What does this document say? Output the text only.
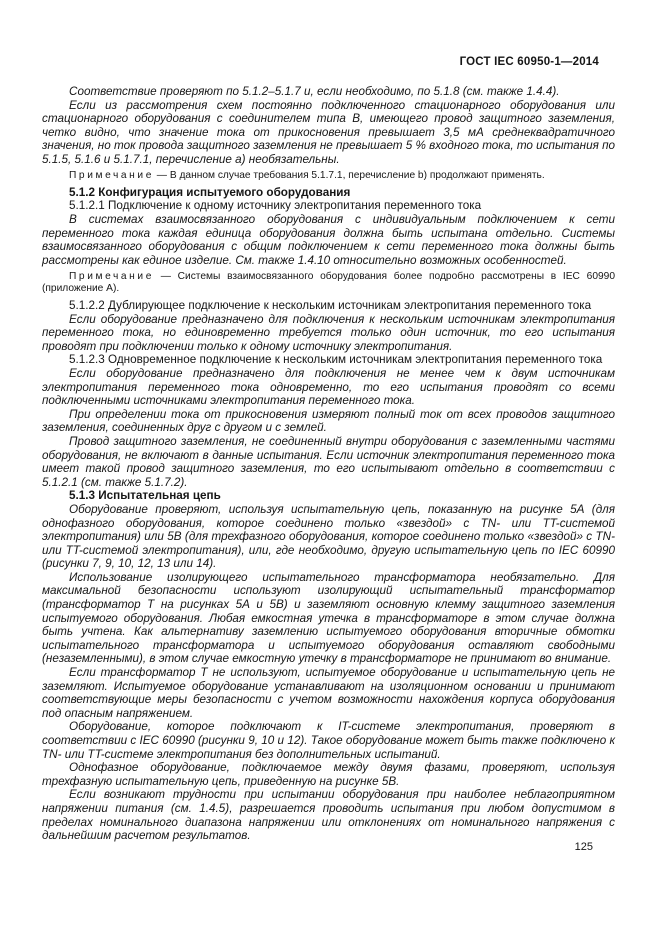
ГОСТ IEC 60950-1—2014

Соответствие проверяют по 5.1.2–5.1.7 и, если необходимо, по 5.1.8 (см. также 1.4.4).

Если из рассмотрения схем постоянно подключенного стационарного оборудования или стационарного оборудования с соединителем типа В, имеющего провод защитного заземления, четко видно, что значение тока от прикосновения превышает 3,5 мА среднеквадратичного значения, но ток провода защитного заземления не превышает 5 % входного тока, то испытания по 5.1.5, 5.1.6 и 5.1.7.1, перечисление а) необязательны.

Примечание — В данном случае требования 5.1.7.1, перечисление b) продолжают применять.

5.1.2 Конфигурация испытуемого оборудования

5.1.2.1 Подключение к одному источнику электропитания переменного тока

В системах взаимосвязанного оборудования с индивидуальным подключением к сети переменного тока каждая единица оборудования должна быть испытана отдельно. Системы взаимосвязанного оборудования с общим подключением к сети переменного тока должны быть рассмотрены как единое изделие. См. также 1.4.10 относительно возможных особенностей.

Примечание — Системы взаимосвязанного оборудования более подробно рассмотрены в IEC 60990 (приложение А).

5.1.2.2 Дублирующее подключение к нескольким источникам электропитания переменного тока

Если оборудование предназначено для подключения к нескольким источникам электропитания переменного тока, но единовременно требуется только один источник, то его испытания проводят при подключении только к одному источнику электропитания.

5.1.2.3 Одновременное подключение к нескольким источникам электропитания переменного тока

Если оборудование предназначено для подключения не менее чем к двум источникам электропитания переменного тока одновременно, то его испытания проводят со всеми подключенными источниками электропитания переменного тока.

При определении тока от прикосновения измеряют полный ток от всех проводов защитного заземления, соединенных друг с другом и с землей.

Провод защитного заземления, не соединенный внутри оборудования с заземленными частями оборудования, не включают в данные испытания. Если источник электропитания переменного тока имеет такой провод защитного заземления, то его испытывают отдельно в соответствии с 5.1.2.1 (см. также 5.1.7.2).

5.1.3 Испытательная цепь

Оборудование проверяют, используя испытательную цепь, показанную на рисунке 5А (для однофазного оборудования, которое соединено только «звездой» с TN- или TT-системой электропитания) или 5В (для трехфазного оборудования, которое соединено только «звездой» с TN- или TT-системой электропитания), или, где необходимо, другую испытательную цепь по IEC 60990 (рисунки 7, 9, 10, 12, 13 или 14).

Использование изолирующего испытательного трансформатора необязательно. Для максимальной безопасности используют изолирующий испытательный трансформатор (трансформатор Т на рисунках 5А и 5В) и заземляют основную клемму защитного заземления испытуемого оборудования. Любая емкостная утечка в трансформаторе в этом случае должна быть учтена. Как альтернативу заземлению испытуемого оборудования вторичные обмотки испытательного трансформатора и испытуемого оборудования оставляют свободными (незаземленными), в этом случае емкостную утечку в трансформаторе не принимают во внимание.

Если трансформатор Т не используют, испытуемое оборудование и испытательную цепь не заземляют. Испытуемое оборудование устанавливают на изоляционном основании и принимают соответствующие меры безопасности с учетом возможности нахождения корпуса оборудования под опасным напряжением.

Оборудование, которое подключают к IT-системе электропитания, проверяют в соответствии с IEC 60990 (рисунки 9, 10 и 12). Такое оборудование может быть также подключено к TN- или TT-системе электропитания без дополнительных испытаний.

Однофазное оборудование, подключаемое между двумя фазами, проверяют, используя трехфазную испытательную цепь, приведенную на рисунке 5В.

Если возникают трудности при испытании оборудования при наиболее неблагоприятном напряжении питания (см. 1.4.5), разрешается проводить испытания при любом допустимом в пределах номинального диапазона напряжении или отклонениях от номинального напряжения с дальнейшим расчетом результатов.

125
